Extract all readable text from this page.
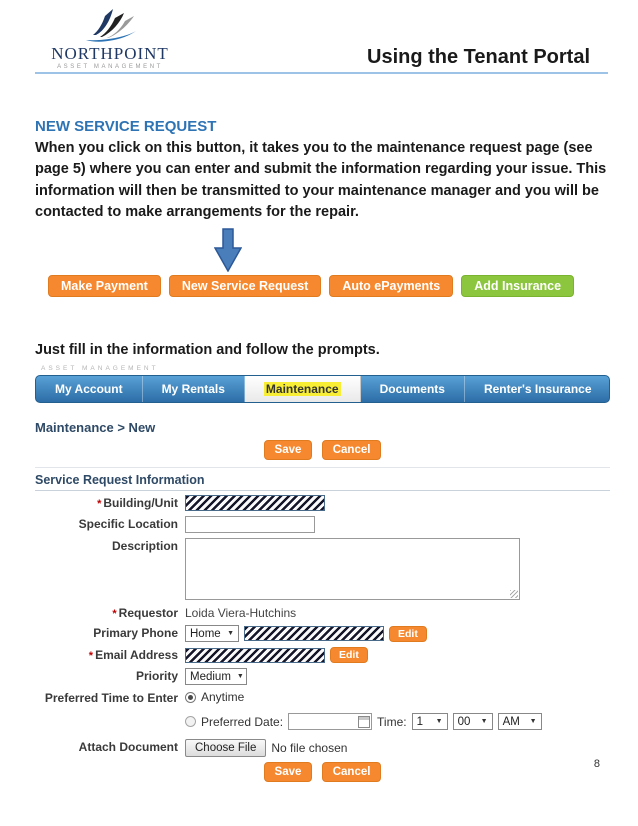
NORTHPOINT
ASSET MANAGEMENT	Using the Tenant Portal
NEW SERVICE REQUEST
When you click on this button, it takes you to the maintenance request page (see page 5) where you can enter and submit the information regarding your issue. This information will then be transmitted to your maintenance manager and you will be contacted to make arrangements for the repair.
Make Payment	New Service Request	Auto ePayments	Add Insurance
Just fill in the information and follow the prompts.
ASSET MANAGEMENT
My Account	My Rentals	Maintenance	Documents	Renter's Insurance
Maintenance > New
Save	Cancel
Service Request Information
* Building/Unit
Specific Location
Description
* Requestor Loida Viera-Hutchins
Primary Phone	Home ▼	Edit
* Email Address	Edit
Priority	Medium ▼
Preferred Time to Enter	Anytime
Preferred Date:	Time: 1 ▼ 00 ▼ AM ▼
Attach Document	Choose File	No file chosen
Save	Cancel
8
